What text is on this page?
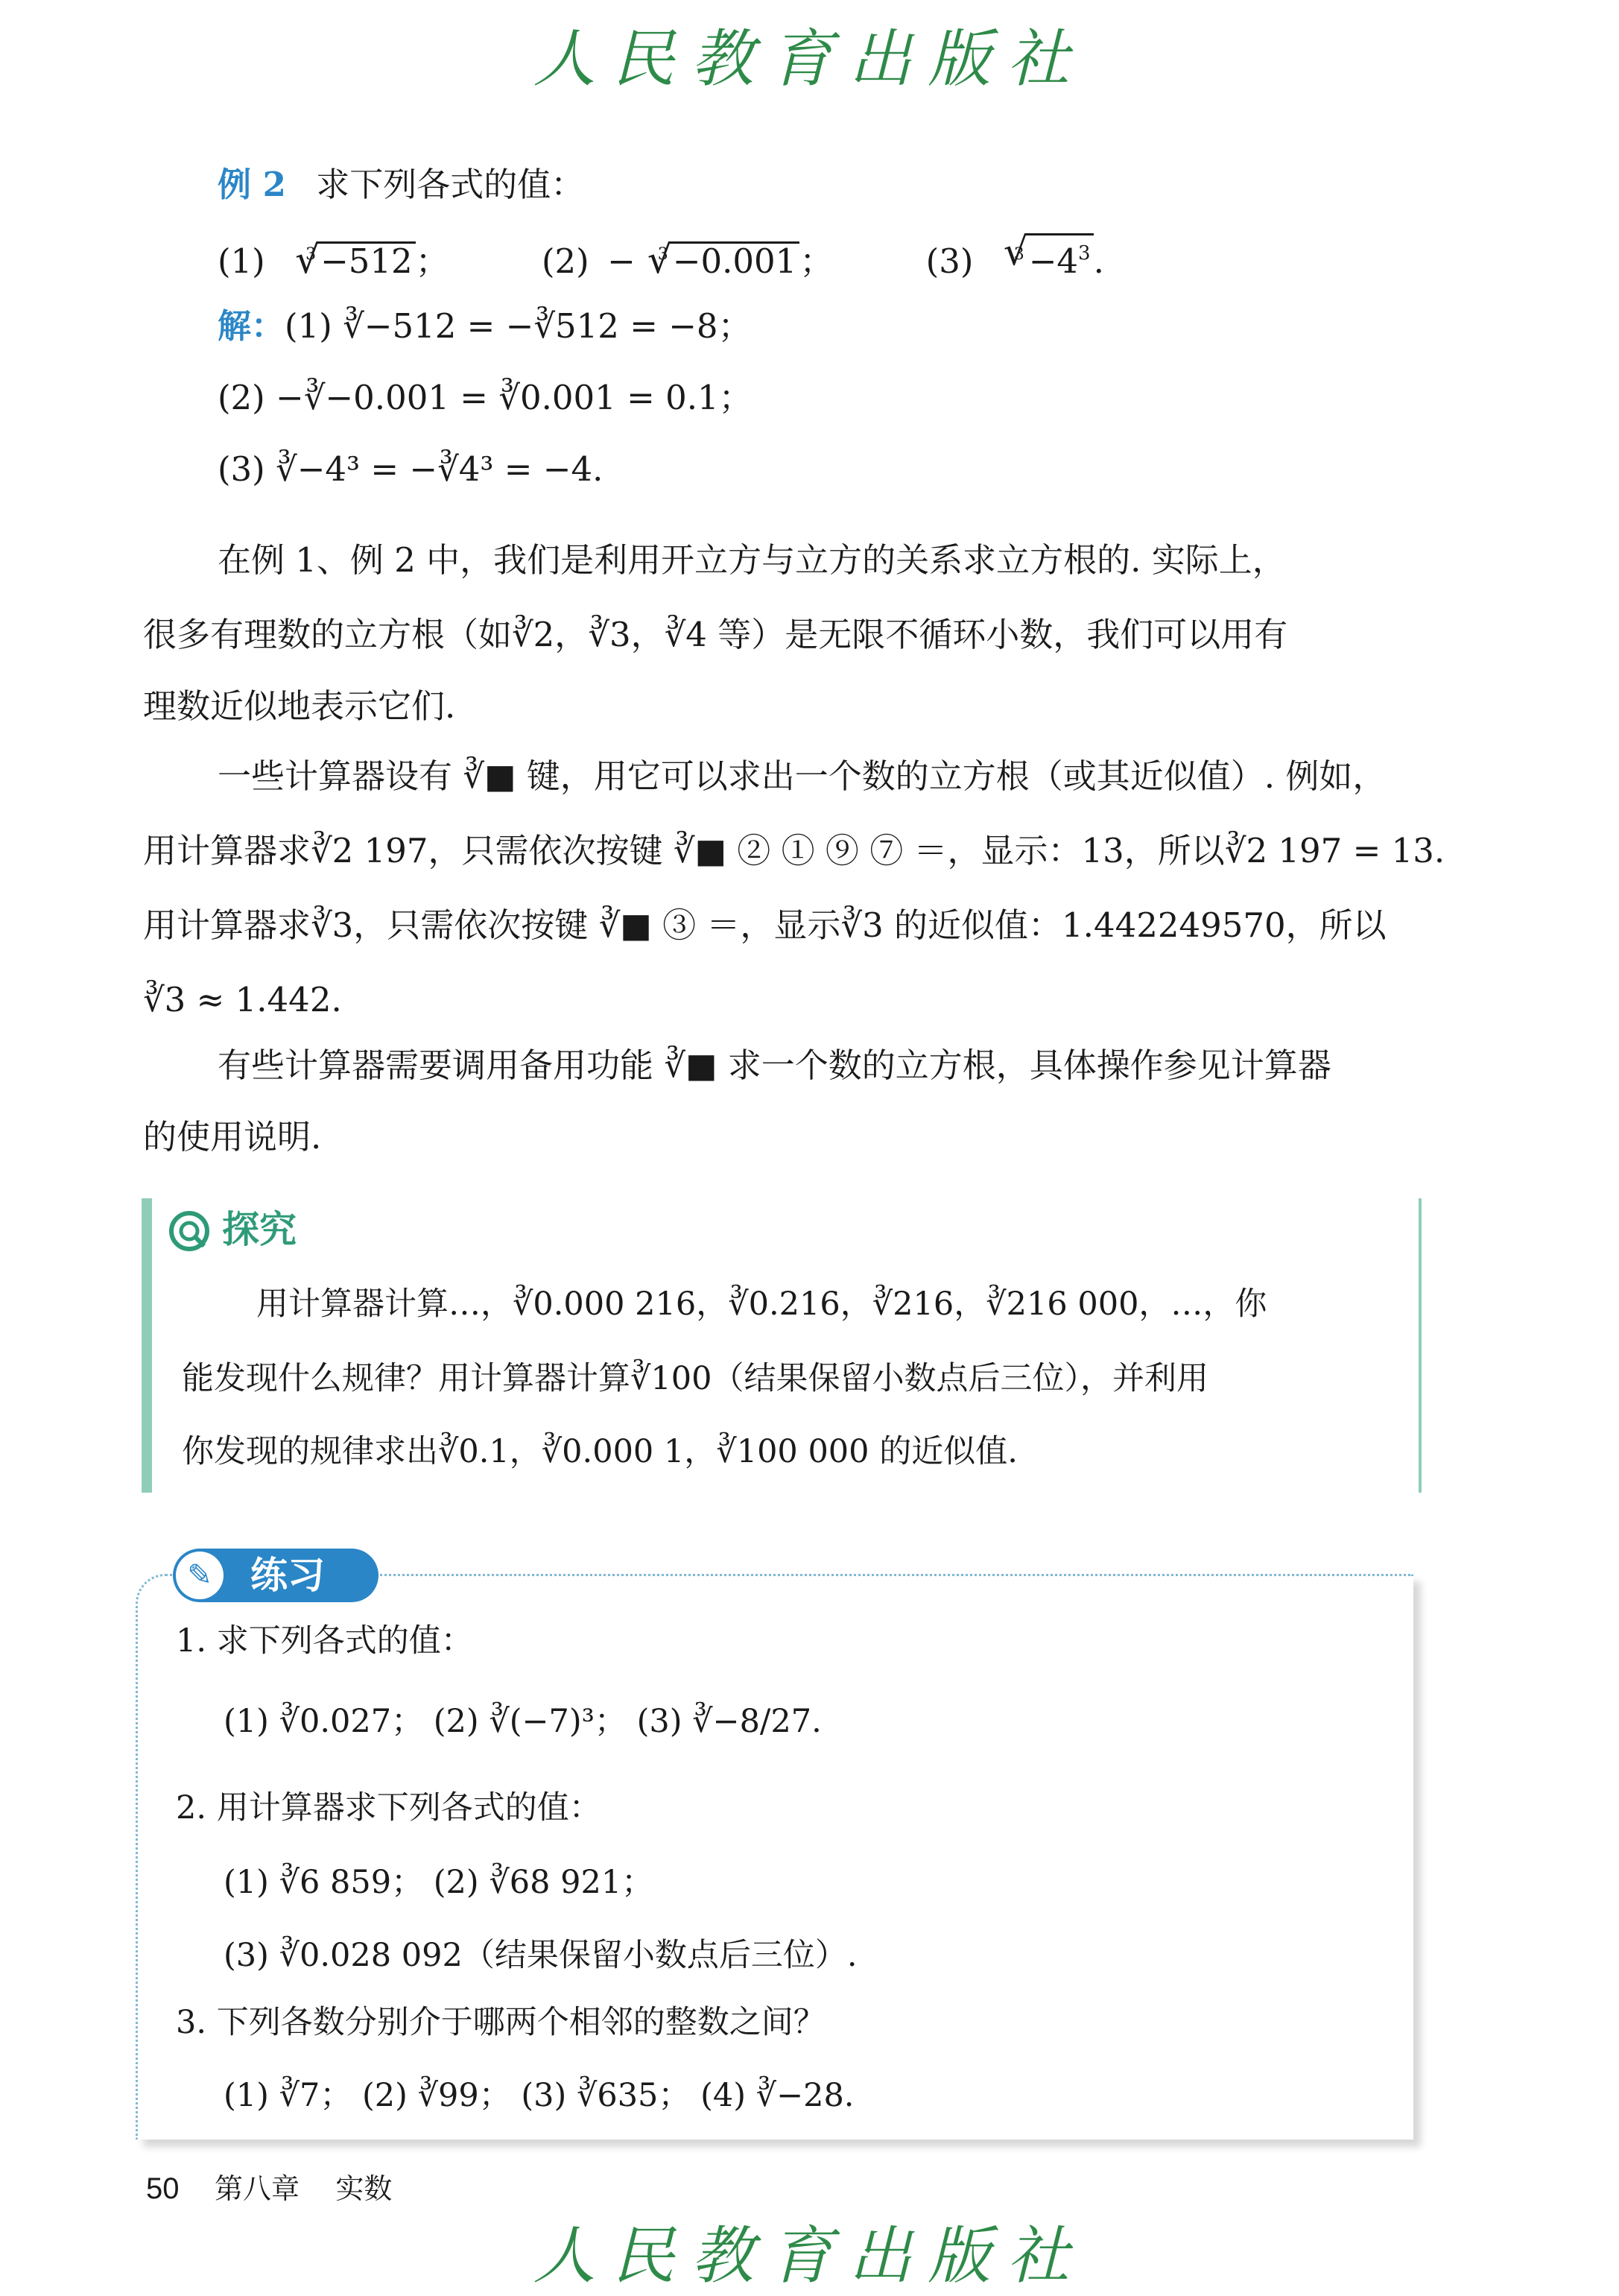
人民教育出版社
例 2 求下列各式的值：
(1) $^3$√ −512；	(2) − $^3$√ −0.001；	(3) $^3√ -4^3$.
解：(1) ∛−512 = −∛512 = −8；
(2) −∛−0.001 = ∛0.001 = 0.1；
(3) ∛−4³ = −∛4³ = −4.
在例 1、例 2 中，我们是利用开立方与立方的关系求立方根的. 实际上，
很多有理数的立方根（如∛2，∛3，∛4 等）是无限不循环小数，我们可以用有
理数近似地表示它们.
一些计算器设有 ∛■ 键，用它可以求出一个数的立方根（或其近似值）. 例如，
用计算器求∛2 197，只需依次按键 ∛■ ② ① ⑨ ⑦ ＝，显示：13，所以∛2 197 = 13.
用计算器求∛3，只需依次按键 ∛■ ③ ＝，显示∛3 的近似值：1.442249570，所以
∛3 ≈ 1.442.
有些计算器需要调用备用功能 ∛■ 求一个数的立方根，具体操作参见计算器
的使用说明.
探究
用计算器计算…，∛0.000 216，∛0.216，∛216，∛216 000，…，你
能发现什么规律？用计算器计算∛100（结果保留小数点后三位），并利用
你发现的规律求出∛0.1，∛0.000 1，∛100 000 的近似值.
✎	练习
1. 求下列各式的值：
(1) ∛0.027； (2) ∛(−7)³； (3) ∛−8/27.
2. 用计算器求下列各式的值：
(1) ∛6 859； (2) ∛68 921；
(3) ∛0.028 092（结果保留小数点后三位）.
3. 下列各数分别介于哪两个相邻的整数之间？
(1) ∛7； (2) ∛99； (3) ∛635； (4) ∛−28.
50 第八章    实数
人民教育出版社
